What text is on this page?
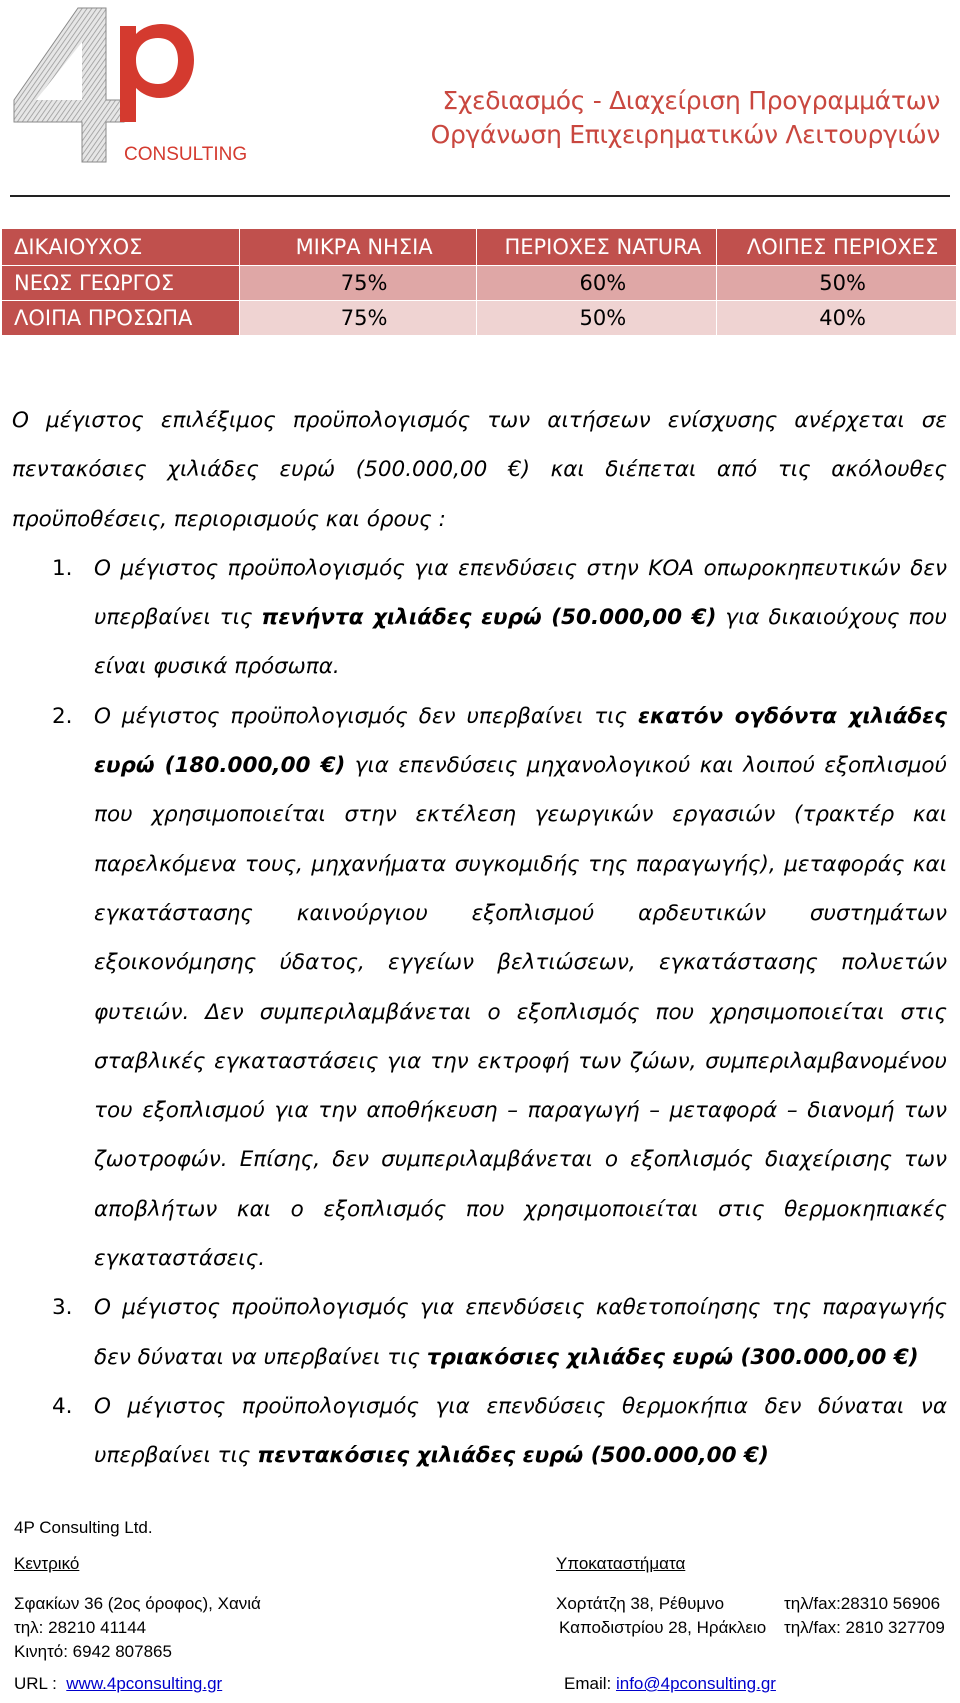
CONSULTING
Σχεδιασμός - Διαχείριση Προγραμμάτων
Οργάνωση Επιχειρηματικών Λειτουργιών
ΔΙΚΑΙΟΥΧΟΣ	ΜΙΚΡΑ ΝΗΣΙΑ	ΠΕΡΙΟΧΕΣ NATURA	ΛΟΙΠΕΣ ΠΕΡΙΟΧΕΣ
ΝΕΩΣ ΓΕΩΡΓΟΣ	75%	60%	50%
ΛΟΙΠΑ ΠΡΟΣΩΠΑ	75%	50%	40%

Ο μέγιστος επιλέξιμος προϋπολογισμός των αιτήσεων ενίσχυσης ανέρχεται σε πεντακόσιες χιλιάδες ευρώ (500.000,00 €) και διέπεται από τις ακόλουθες προϋποθέσεις, περιορισμούς και όρους :

1. Ο μέγιστος προϋπολογισμός για επενδύσεις στην ΚΟΑ οπωροκηπευτικών δεν υπερβαίνει τις πενήντα χιλιάδες ευρώ (50.000,00 €) για δικαιούχους που είναι φυσικά πρόσωπα.
2. Ο μέγιστος προϋπολογισμός δεν υπερβαίνει τις εκατόν ογδόντα χιλιάδες ευρώ (180.000,00 €) για επενδύσεις μηχανολογικού και λοιπού εξοπλισμού που χρησιμοποιείται στην εκτέλεση γεωργικών εργασιών (τρακτέρ και παρελκόμενα τους, μηχανήματα συγκομιδής της παραγωγής), μεταφοράς και εγκατάστασης καινούργιου εξοπλισμού αρδευτικών συστημάτων εξοικονόμησης ύδατος, εγγείων βελτιώσεων, εγκατάστασης πολυετών φυτειών. Δεν συμπεριλαμβάνεται ο εξοπλισμός που χρησιμοποιείται στις σταβλικές εγκαταστάσεις για την εκτροφή των ζώων, συμπεριλαμβανομένου του εξοπλισμού για την αποθήκευση – παραγωγή – μεταφορά – διανομή των ζωοτροφών. Επίσης, δεν συμπεριλαμβάνεται ο εξοπλισμός διαχείρισης των αποβλήτων και ο εξοπλισμός που χρησιμοποιείται στις θερμοκηπιακές εγκαταστάσεις.
3. Ο μέγιστος προϋπολογισμός για επενδύσεις καθετοποίησης της παραγωγής δεν δύναται να υπερβαίνει τις τριακόσιες χιλιάδες ευρώ (300.000,00 €)
4. Ο μέγιστος προϋπολογισμός για επενδύσεις θερμοκήπια δεν δύναται να υπερβαίνει τις πεντακόσιες χιλιάδες ευρώ (500.000,00 €)
4P Consulting Ltd.
Κεντρικό	Υποκαταστήματα
Σφακίων 36 (2ος όροφος), Χανιά
τηλ: 28210 41144
Κινητό: 6942 807865
Χορτάτζη 38, Ρέθυμνο	τηλ/fax:28310 56906
Καποδιστρίου 28, Ηράκλειο τηλ/fax: 2810 327709
URL :  www.4pconsulting.gr	Email: info@4pconsulting.gr
